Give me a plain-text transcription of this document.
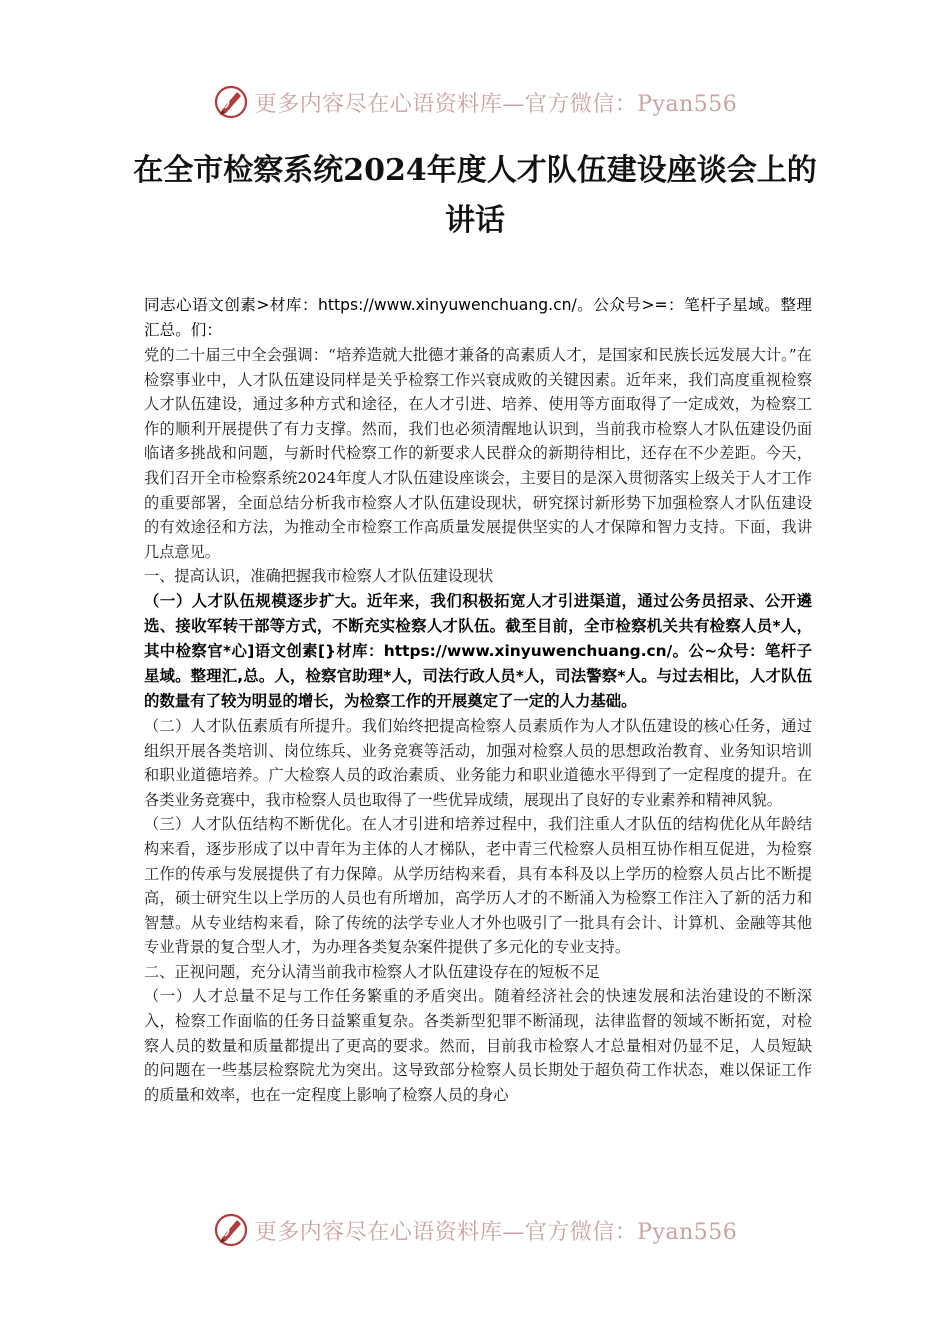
更多内容尽在心语资料库—官方微信：Pyan556
在全市检察系统2024年度人才队伍建设座谈会上的讲话

同志心语文创素>材库：https://www.xinyuwenchuang.cn/。公众号>=：笔杆子星域。整理汇总。们：

党的二十届三中全会强调：“培养造就大批德才兼备的高素质人才，是国家和民族长远发展大计。”在检察事业中，人才队伍建设同样是关乎检察工作兴衰成败的关键因素。近年来，我们高度重视检察人才队伍建设，通过多种方式和途径，在人才引进、培养、使用等方面取得了一定成效，为检察工作的顺利开展提供了有力支撑。然而，我们也必须清醒地认识到，当前我市检察人才队伍建设仍面临诸多挑战和问题，与新时代检察工作的新要求人民群众的新期待相比，还存在不少差距。今天，我们召开全市检察系统2024年度人才队伍建设座谈会，主要目的是深入贯彻落实上级关于人才工作的重要部署，全面总结分析我市检察人才队伍建设现状，研究探讨新形势下加强检察人才队伍建设的有效途径和方法，为推动全市检察工作高质量发展提供坚实的人才保障和智力支持。下面，我讲几点意见。

一、提高认识，准确把握我市检察人才队伍建设现状

（一）人才队伍规模逐步扩大。近年来，我们积极拓宽人才引进渠道，通过公务员招录、公开遴选、接收军转干部等方式，不断充实检察人才队伍。截至目前，全市检察机关共有检察人员*人，其中检察官*心]语文创素[}材库：https://www.xinyuwenchuang.cn/。公~众号：笔杆子星域。整理汇,总。人，检察官助理*人，司法行政人员*人，司法警察*人。与过去相比，人才队伍的数量有了较为明显的增长，为检察工作的开展奠定了一定的人力基础。

（二）人才队伍素质有所提升。我们始终把提高检察人员素质作为人才队伍建设的核心任务，通过组织开展各类培训、岗位练兵、业务竞赛等活动，加强对检察人员的思想政治教育、业务知识培训和职业道德培养。广大检察人员的政治素质、业务能力和职业道德水平得到了一定程度的提升。在各类业务竞赛中，我市检察人员也取得了一些优异成绩，展现出了良好的专业素养和精神风貌。

（三）人才队伍结构不断优化。在人才引进和培养过程中，我们注重人才队伍的结构优化从年龄结构来看，逐步形成了以中青年为主体的人才梯队，老中青三代检察人员相互协作相互促进，为检察工作的传承与发展提供了有力保障。从学历结构来看，具有本科及以上学历的检察人员占比不断提高，硕士研究生以上学历的人员也有所增加，高学历人才的不断涌入为检察工作注入了新的活力和智慧。从专业结构来看，除了传统的法学专业人才外也吸引了一批具有会计、计算机、金融等其他专业背景的复合型人才，为办理各类复杂案件提供了多元化的专业支持。

二、正视问题，充分认清当前我市检察人才队伍建设存在的短板不足

（一）人才总量不足与工作任务繁重的矛盾突出。随着经济社会的快速发展和法治建设的不断深入，检察工作面临的任务日益繁重复杂。各类新型犯罪不断涌现，法律监督的领域不断拓宽，对检察人员的数量和质量都提出了更高的要求。然而，目前我市检察人才总量相对仍显不足，人员短缺的问题在一些基层检察院尤为突出。这导致部分检察人员长期处于超负荷工作状态，难以保证工作的质量和效率，也在一定程度上影响了检察人员的身心

更多内容尽在心语资料库—官方微信：Pyan556
